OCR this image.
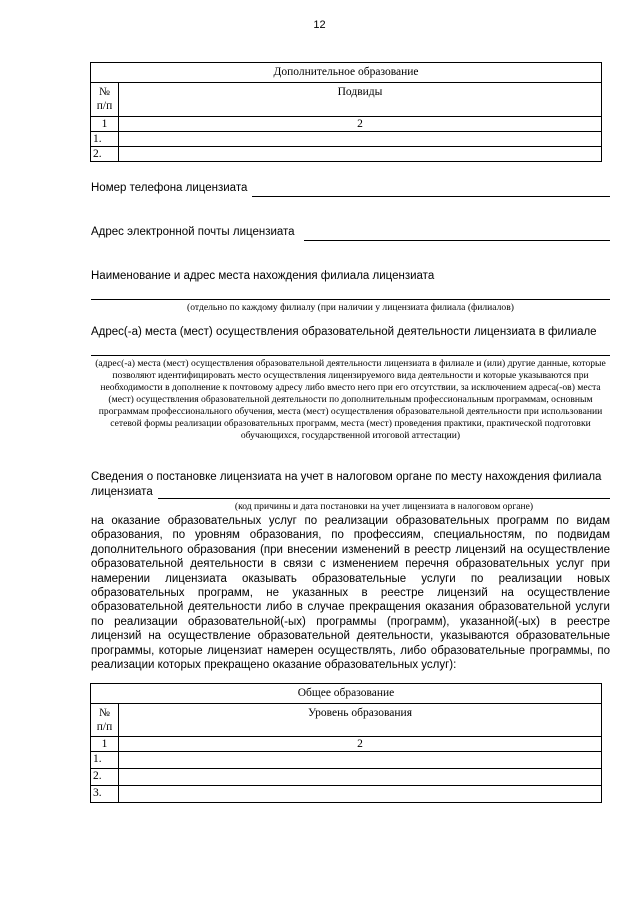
12
Дополнительное образование	
№ п/п	Подвиды
1	2
1.	
2.	
Номер телефона лицензиата
Адрес электронной почты лицензиата
Наименование и адрес места нахождения филиала лицензиата
(отдельно по каждому филиалу (при наличии у лицензиата филиала (филиалов)
Адрес(-а) места (мест) осуществления образовательной деятельности лицензиата в филиале
(адрес(-а) места (мест) осуществления образовательной деятельности лицензиата в филиале и (или) другие данные, которые позволяют идентифицировать место осуществления лицензируемого вида деятельности и которые указываются при необходимости в дополнение к почтовому адресу либо вместо него при его отсутствии, за исключением адреса(-ов) места (мест) осуществления образовательной деятельности по дополнительным профессиональным программам, основным программам профессионального обучения, места (мест) осуществления образовательной деятельности при использовании сетевой формы реализации образовательных программ, места (мест) проведения практики, практической подготовки обучающихся, государственной итоговой аттестации)
Сведения о постановке лицензиата на учет в налоговом органе по месту нахождения филиала
лицензиата
(код причины и дата постановки на учет лицензиата в налоговом органе)
на оказание образовательных услуг по реализации образовательных программ по видам образования, по уровням образования, по профессиям, специальностям, по подвидам дополнительного образования (при внесении изменений в реестр лицензий на осуществление образовательной деятельности в связи с изменением перечня образовательных услуг при намерении лицензиата оказывать образовательные услуги по реализации новых образовательных программ, не указанных в реестре лицензий на осуществление образовательной деятельности либо в случае прекращения оказания образовательной услуги по реализации образовательной(-ых) программы (программ), указанной(-ых) в реестре лицензий на осуществление образовательной деятельности, указываются образовательные программы, которые лицензиат намерен осуществлять, либо образовательные программы, по реализации которых прекращено оказание образовательных услуг):
Общее образование	
№ п/п	Уровень образования
1	2
1.	
2.	
3.	
